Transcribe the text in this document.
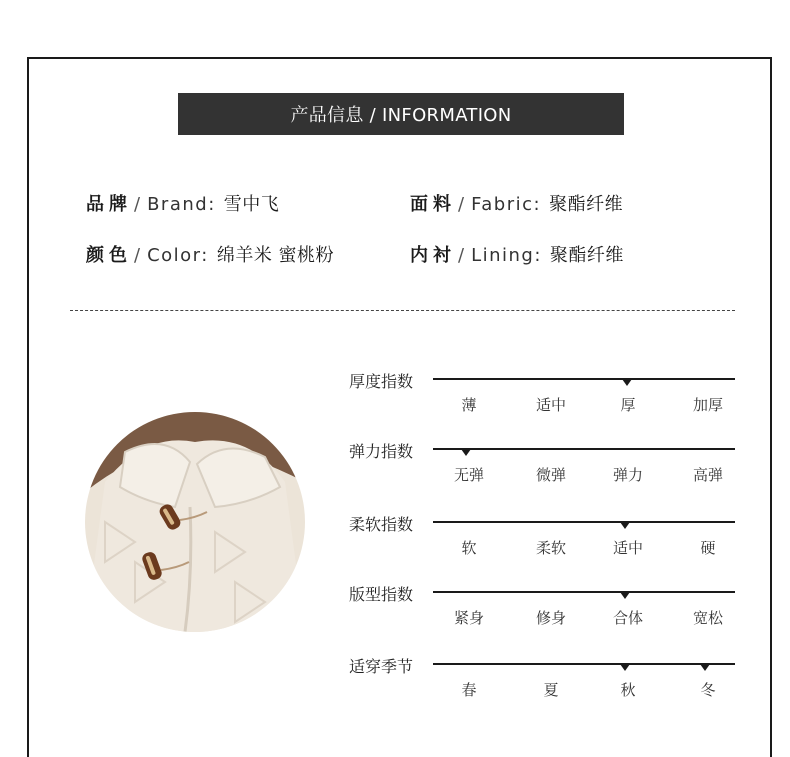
产品信息 / INFORMATION
品牌 / Brand: 雪中飞	面料 / Fabric: 聚酯纤维
颜色 / Color: 绵羊米 蜜桃粉	内衬 / Lining: 聚酯纤维
厚度指数
薄	适中	厚	加厚
弹力指数
无弹	微弹	弹力	高弹
柔软指数
软	柔软	适中	硬
版型指数
紧身	修身	合体	宽松
适穿季节
春	夏	秋	冬
